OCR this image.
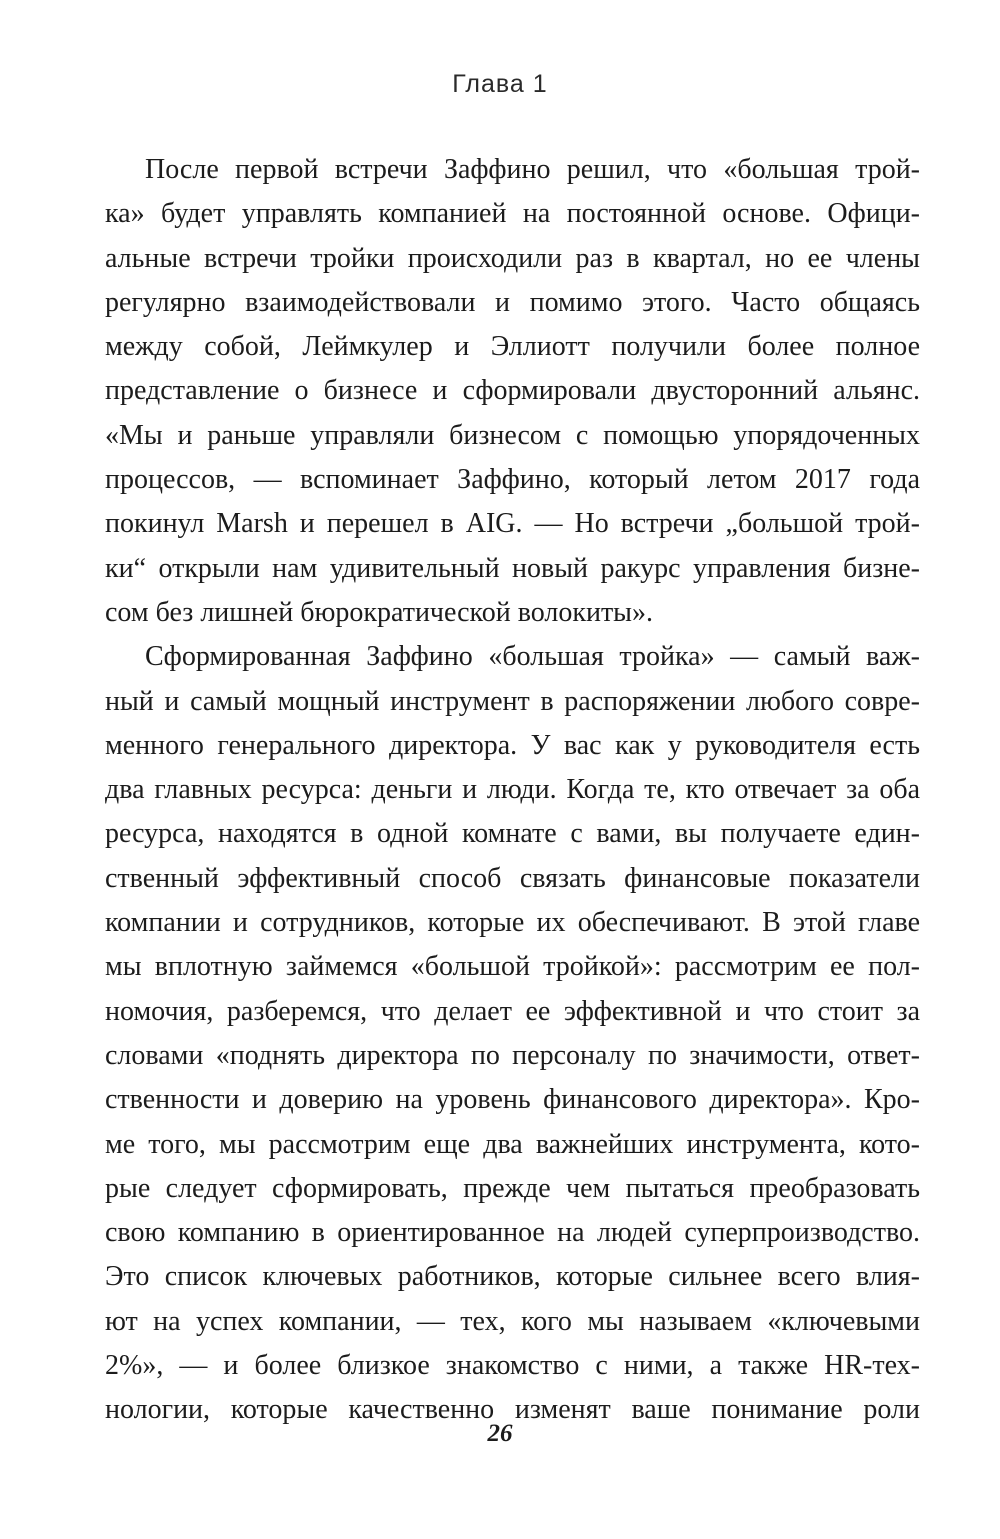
Глава 1
После первой встречи Заффино решил, что «большая трой-
ка» будет управлять компанией на постоянной основе. Офици-
альные встречи тройки происходили раз в квартал, но ее члены
регулярно взаимодействовали и помимо этого. Часто общаясь
между собой, Леймкулер и Эллиотт получили более полное
представление о бизнесе и сформировали двусторонний альянс.
«Мы и раньше управляли бизнесом с помощью упорядоченных
процессов, — вспоминает Заффино, который летом 2017 года
покинул Marsh и перешел в AIG. — Но встречи „большой трой-
ки“ открыли нам удивительный новый ракурс управления бизне-
сом без лишней бюрократической волокиты».
Сформированная Заффино «большая тройка» — самый важ-
ный и самый мощный инструмент в распоряжении любого совре-
менного генерального директора. У вас как у руководителя есть
два главных ресурса: деньги и люди. Когда те, кто отвечает за оба
ресурса, находятся в одной комнате с вами, вы получаете един-
ственный эффективный способ связать финансовые показатели
компании и сотрудников, которые их обеспечивают. В этой главе
мы вплотную займемся «большой тройкой»: рассмотрим ее пол-
номочия, разберемся, что делает ее эффективной и что стоит за
словами «поднять директора по персоналу по значимости, ответ-
ственности и доверию на уровень финансового директора». Кро-
ме того, мы рассмотрим еще два важнейших инструмента, кото-
рые следует сформировать, прежде чем пытаться преобразовать
свою компанию в ориентированное на людей суперпроизводство.
Это список ключевых работников, которые сильнее всего влия-
ют на успех компании, — тех, кого мы называем «ключевыми
2%», — и более близкое знакомство с ними, а также HR-тех-
нологии, которые качественно изменят ваше понимание роли
26
